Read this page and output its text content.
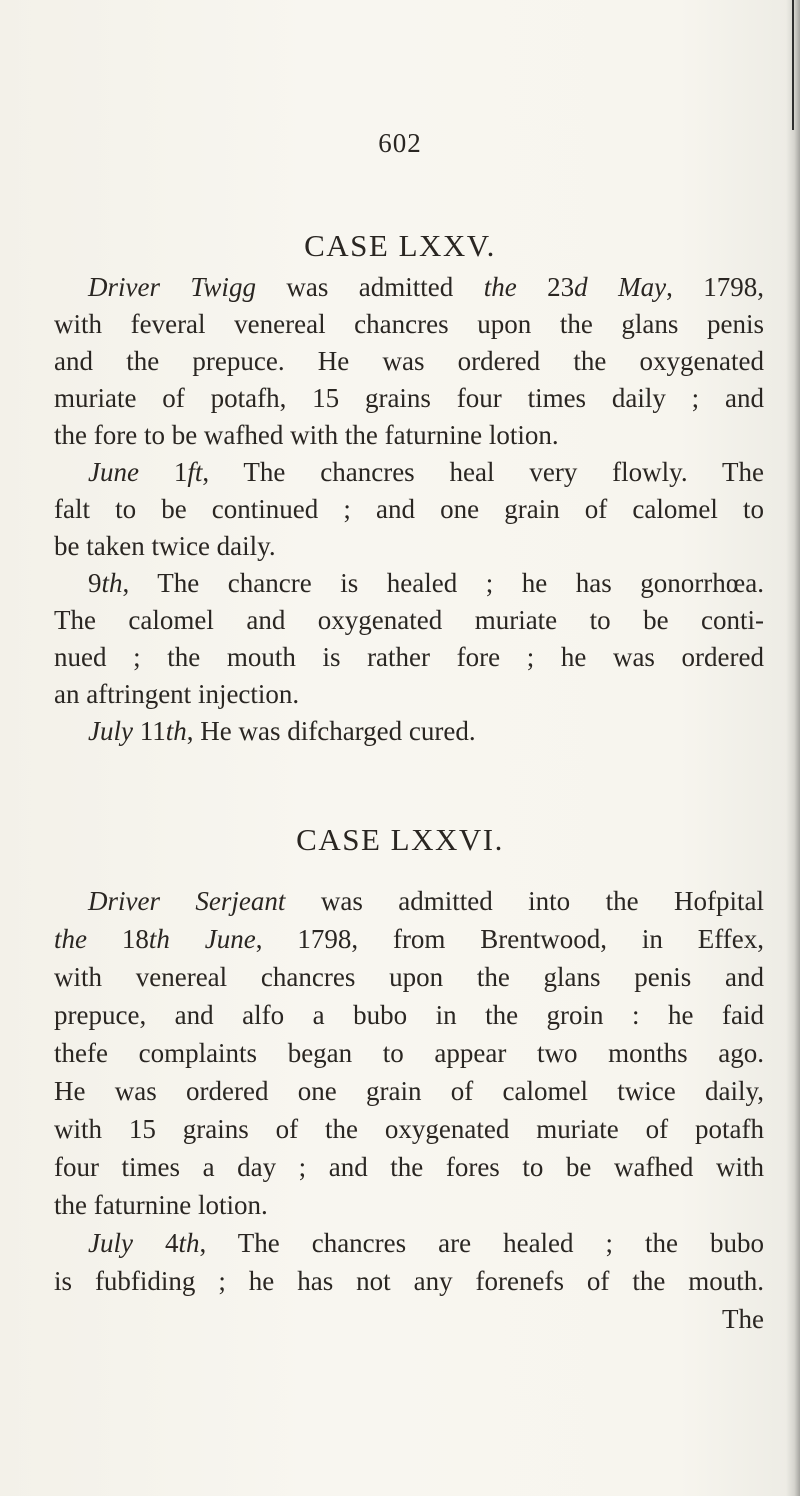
602
CASE LXXV.
Driver Twigg was admitted the 23d May, 1798,
with feveral venereal chancres upon the glans penis
and the prepuce. He was ordered the oxygenated
muriate of potafh, 15 grains four times daily ; and
the fore to be wafhed with the faturnine lotion.
June 1ft, The chancres heal very flowly. The
falt to be continued ; and one grain of calomel to
be taken twice daily.
9th, The chancre is healed ; he has gonorrhœa.
The calomel and oxygenated muriate to be conti-
nued ; the mouth is rather fore ; he was ordered
an aftringent injection.
July 11th, He was difcharged cured.
CASE LXXVI.
Driver Serjeant was admitted into the Hofpital
the 18th June, 1798, from Brentwood, in Effex,
with venereal chancres upon the glans penis and
prepuce, and alfo a bubo in the groin : he faid
thefe complaints began to appear two months ago.
He was ordered one grain of calomel twice daily,
with 15 grains of the oxygenated muriate of potafh
four times a day ; and the fores to be wafhed with
the faturnine lotion.
July 4th, The chancres are healed ; the bubo
is fubfiding ; he has not any forenefs of the mouth.
The
